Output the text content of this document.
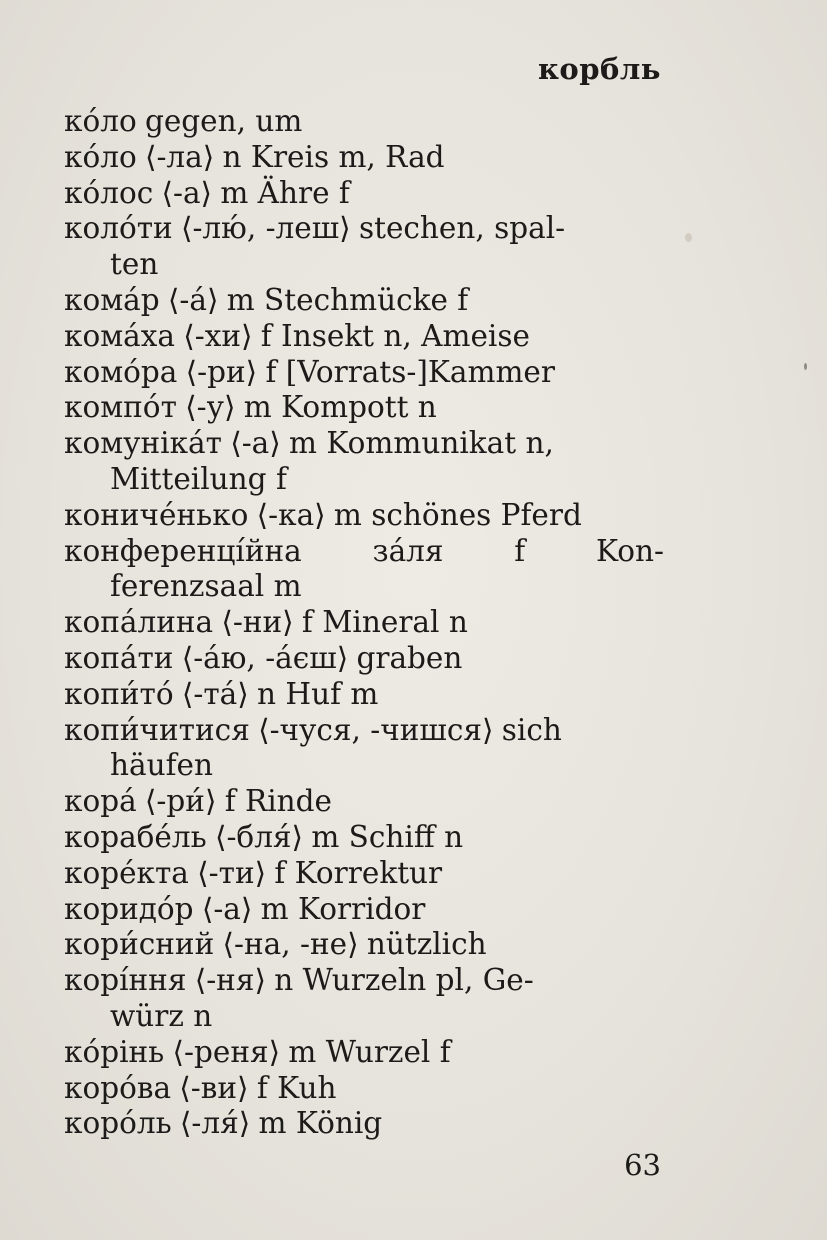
корбль
кóло gegen, um
кóло ⟨-ла⟩ n Kreis m, Rad
кóлос ⟨-а⟩ m Ähre f
колóти ⟨-лю́, -леш⟩ stechen, spal-
ten
комáр ⟨-á⟩ m Stechmücke f
комáха ⟨-хи⟩ f Insekt n, Ameise
комóра ⟨-ри⟩ f [Vorrats-]Kammer
компóт ⟨-у⟩ m Kompott n
комунікáт ⟨-а⟩ m Kommunikat n,
Mitteilung f
коничéнько ⟨-ка⟩ m schönes Pferd
конференці́йна зáля f Kon-
ferenzsaal m
копáлина ⟨-ни⟩ f Mineral n
копáти ⟨-áю, -áєш⟩ graben
копи́тó ⟨-тá⟩ n Huf m
копи́читися ⟨-чуся, -чишся⟩ sich
häufen
корá ⟨-ри́⟩ f Rinde
корабéль ⟨-бля́⟩ m Schiff n
корéкта ⟨-ти⟩ f Korrektur
коридóр ⟨-а⟩ m Korridor
кори́сний ⟨-на, -не⟩ nützlich
корі́ння ⟨-ня⟩ n Wurzeln pl, Ge-
würz n
кóрінь ⟨-реня⟩ m Wurzel f
корóва ⟨-ви⟩ f Kuh
корóль ⟨-ля́⟩ m König
63
